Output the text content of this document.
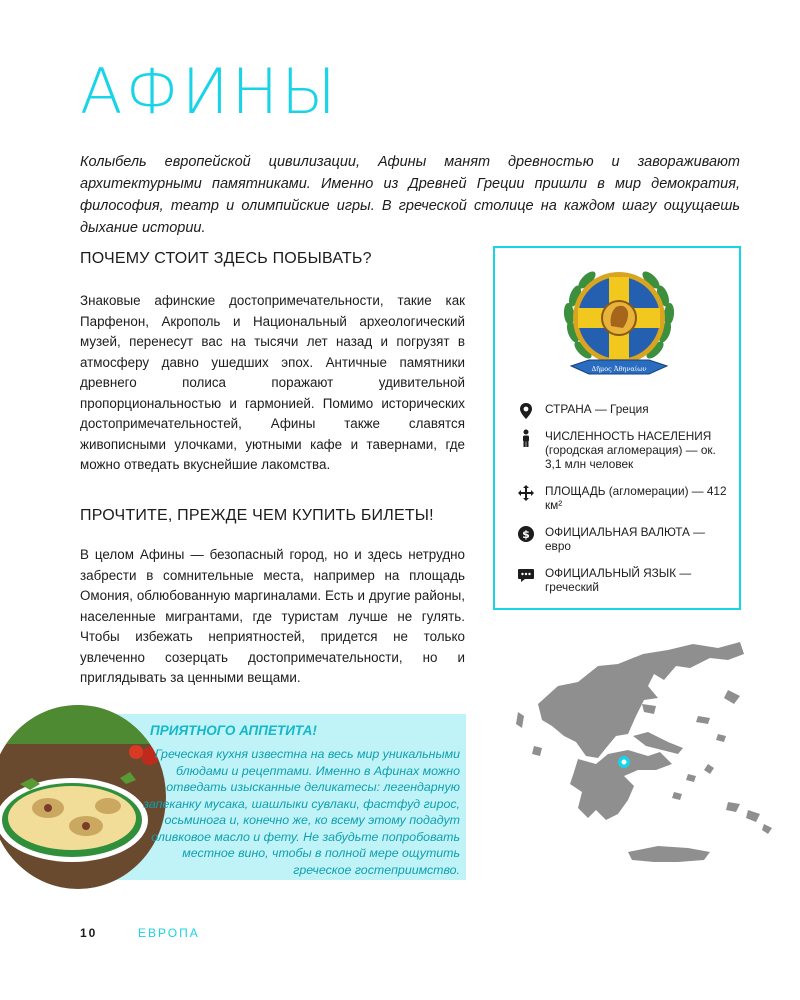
АФИНЫ

Колыбель европейской цивилизации, Афины манят древностью и завораживают архитектурными памятниками. Именно из Древней Греции пришли в мир демократия, философия, театр и олимпийские игры. В греческой столице на каждом шагу ощущаешь дыхание истории.

ПОЧЕМУ СТОИТ ЗДЕСЬ ПОБЫВАТЬ?

Знаковые афинские достопримечательности, такие как Парфенон, Акрополь и Национальный археологический музей, перенесут вас на тысячи лет назад и погрузят в атмосферу давно ушедших эпох. Античные памятники древнего полиса поражают удивительной пропорциональностью и гармонией. Помимо исторических достопримечательностей, Афины также славятся живописными улочками, уютными кафе и тавернами, где можно отведать вкуснейшие лакомства.

ПРОЧТИТЕ, ПРЕЖДЕ ЧЕМ КУПИТЬ БИЛЕТЫ!

В целом Афины — безопасный город, но и здесь нетрудно забрести в сомнительные места, например на площадь Омония, облюбованную маргиналами. Есть и другие районы, населенные мигрантами, где туристам лучше не гулять. Чтобы избежать неприятностей, придется не только увлеченно созерцать достопримечательности, но и приглядывать за ценными вещами.

Δῆμος Ἀθηναίων
СТРАНА — Греция
ЧИСЛЕННОСТЬ НАСЕЛЕНИЯ (городская агломерация) — ок. 3,1 млн человек
ПЛОЩАДЬ (агломерации) — 412 км²
$ ОФИЦИАЛЬНАЯ ВАЛЮТА — евро
ОФИЦИАЛЬНЫЙ ЯЗЫК — греческий
ПРИЯТНОГО АППЕТИТА!

Греческая кухня известна на весь мир уникальными блюдами и рецептами. Именно в Афинах можно отведать изысканные деликатесы: легендарную запеканку мусака, шашлыки сувлаки, фастфуд гирос, осьминога и, конечно же, ко всему этому подадут оливковое масло и фету. Не забудьте попробовать местное вино, чтобы в полной мере ощутить греческое гостеприимство.

10	ЕВРОПА
